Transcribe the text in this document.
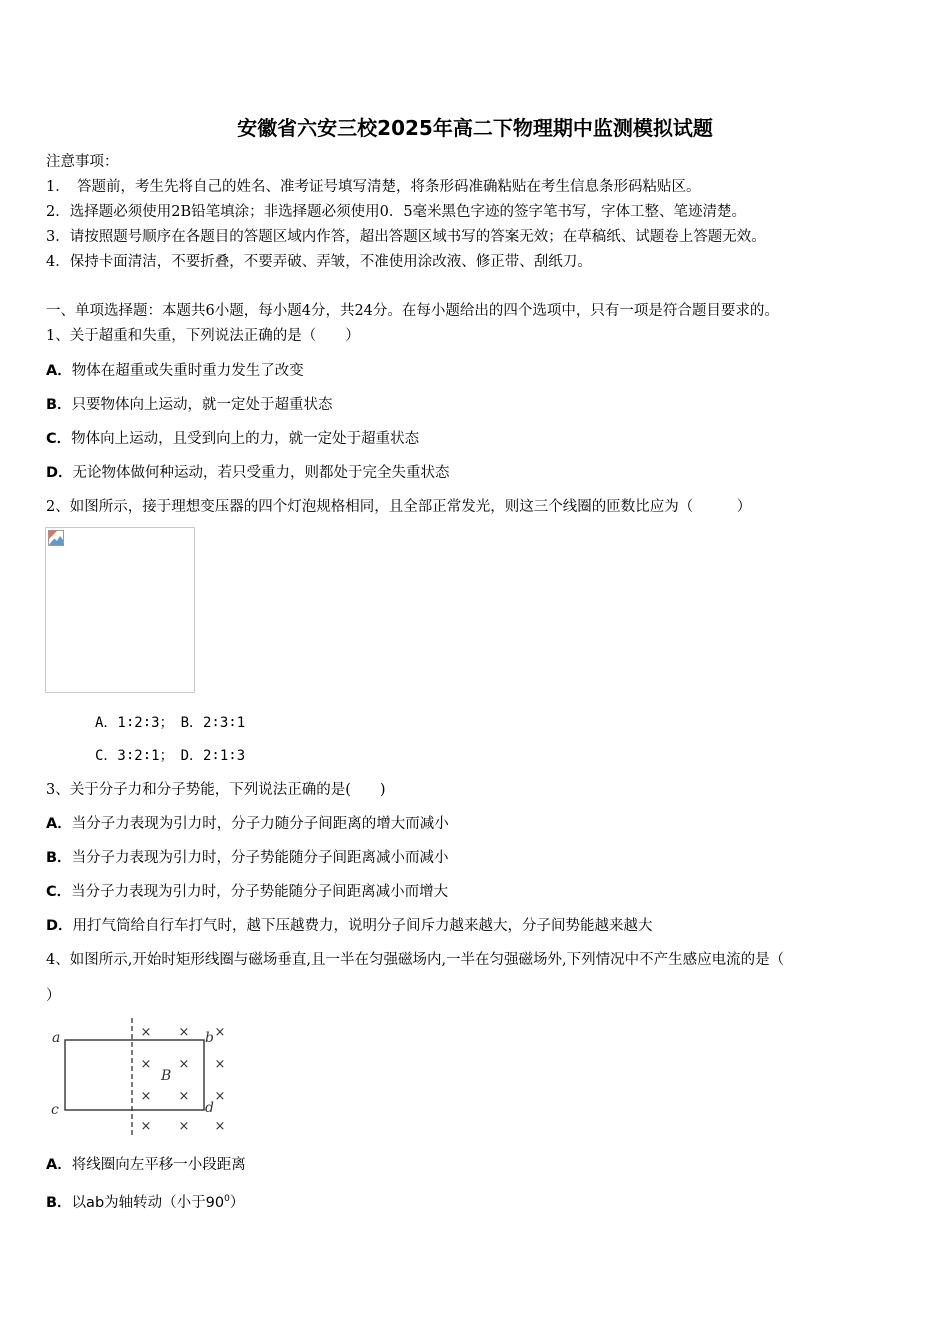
安徽省六安三校2025年高二下物理期中监测模拟试题
注意事项：
1．　答题前，考生先将自己的姓名、准考证号填写清楚，将条形码准确粘贴在考生信息条形码粘贴区。
2．选择题必须使用2B铅笔填涂；非选择题必须使用0．5毫米黑色字迹的签字笔书写，字体工整、笔迹清楚。
3．请按照题号顺序在各题目的答题区域内作答，超出答题区域书写的答案无效；在草稿纸、试题卷上答题无效。
4．保持卡面清洁，不要折叠，不要弄破、弄皱，不准使用涂改液、修正带、刮纸刀。
一、单项选择题：本题共6小题，每小题4分，共24分。在每小题给出的四个选项中，只有一项是符合题目要求的。
1、关于超重和失重，下列说法正确的是（　　）
A．物体在超重或失重时重力发生了改变
B．只要物体向上运动，就一定处于超重状态
C．物体向上运动，且受到向上的力，就一定处于超重状态
D．无论物体做何种运动，若只受重力，则都处于完全失重状态
2、如图所示，接于理想变压器的四个灯泡规格相同，且全部正常发光，则这三个线圈的匝数比应为（　　　）
A．1∶2∶3；　B．2∶3∶1
C．3∶2∶1；　D．2∶1∶3
3、关于分子力和分子势能，下列说法正确的是(　　)
A．当分子力表现为引力时，分子力随分子间距离的增大而减小
B．当分子力表现为引力时，分子势能随分子间距离减小而减小
C．当分子力表现为引力时，分子势能随分子间距离减小而增大
D．用打气筒给自行车打气时，越下压越费力，说明分子间斥力越来越大，分子间势能越来越大
4、如图所示,开始时矩形线圈与磁场垂直,且一半在匀强磁场内,一半在匀强磁场外,下列情况中不产生感应电流的是（
）
a	b
c	d
B
× × ×
× × ×
× × ×
× × ×
A．将线圈向左平移一小段距离
B．以ab为轴转动（小于$90^0$）
